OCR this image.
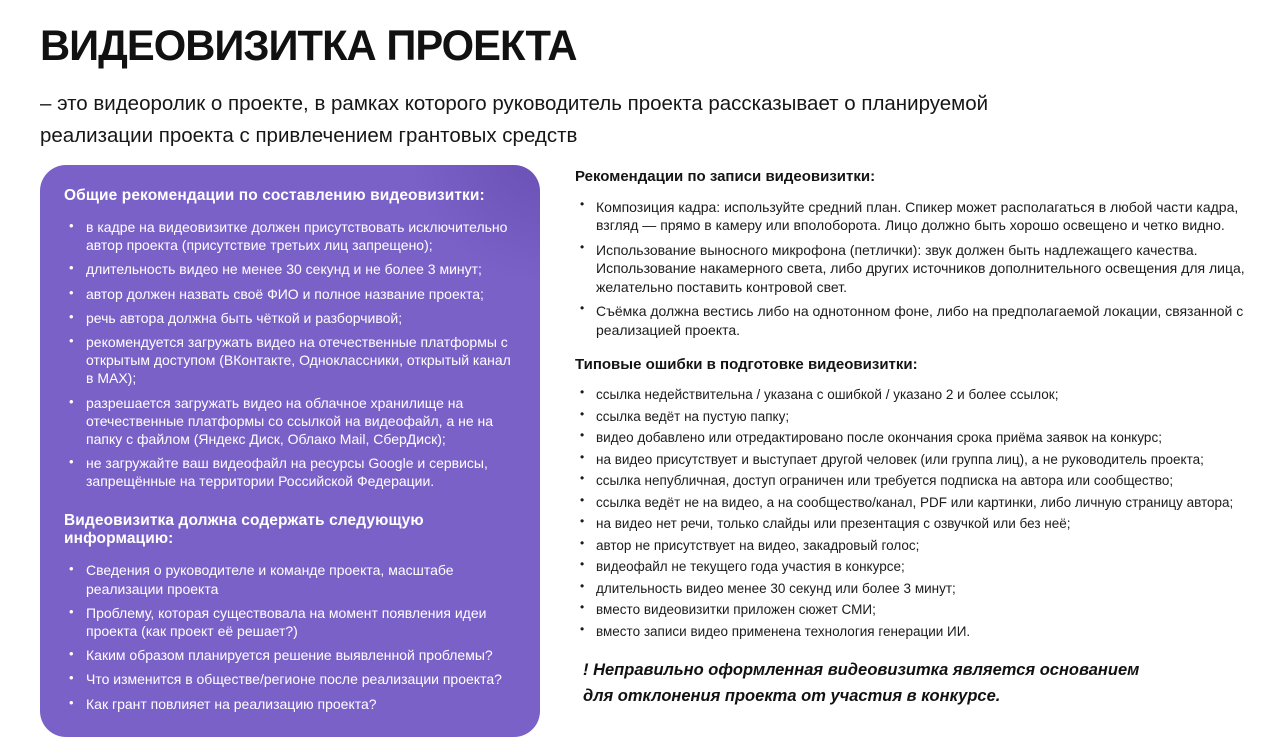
ВИДЕОВИЗИТКА ПРОЕКТА

– это видеоролик о проекте, в рамках которого руководитель проекта рассказывает о планируемой реализации проекта с привлечением грантовых средств

Общие рекомендации по составлению видеовизитки:
• в кадре на видеовизитке должен присутствовать исключительно автор проекта (присутствие третьих лиц запрещено);
• длительность видео не менее 30 секунд и не более 3 минут;
• автор должен назвать своё ФИО и полное название проекта;
• речь автора должна быть чёткой и разборчивой;
• рекомендуется загружать видео на отечественные платформы с открытым доступом (ВКонтакте, Одноклассники, открытый канал в MAX);
• разрешается загружать видео на облачное хранилище на отечественные платформы со ссылкой на видеофайл, а не на папку с файлом (Яндекс Диск, Облако Mail, СберДиск);
• не загружайте ваш видеофайл на ресурсы Google и сервисы, запрещённые на территории Российской Федерации.
Видеовизитка должна содержать следующую информацию:
• Сведения о руководителе и команде проекта, масштабе реализации проекта
• Проблему, которая существовала на момент появления идеи проекта (как проект её решает?)
• Каким образом планируется решение выявленной проблемы?
• Что изменится в обществе/регионе после реализации проекта?
• Как грант повлияет на реализацию проекта?
Рекомендации по записи видеовизитки:
• Композиция кадра: используйте средний план. Спикер может располагаться в любой части кадра, взгляд — прямо в камеру или вполоборота. Лицо должно быть хорошо освещено и четко видно.
• Использование выносного микрофона (петлички): звук должен быть надлежащего качества. Использование накамерного света, либо других источников дополнительного освещения для лица, желательно поставить контровой свет.
• Съёмка должна вестись либо на однотонном фоне, либо на предполагаемой локации, связанной с реализацией проекта.
Типовые ошибки в подготовке видеовизитки:
• ссылка недействительна / указана с ошибкой / указано 2 и более ссылок;
• ссылка ведёт на пустую папку;
• видео добавлено или отредактировано после окончания срока приёма заявок на конкурс;
• на видео присутствует и выступает другой человек (или группа лиц), а не руководитель проекта;
• ссылка непубличная, доступ ограничен или требуется подписка на автора или сообщество;
• ссылка ведёт не на видео, а на сообщество/канал, PDF или картинки, либо личную страницу автора;
• на видео нет речи, только слайды или презентация с озвучкой или без неё;
• автор не присутствует на видео, закадровый голос;
• видеофайл не текущего года участия в конкурсе;
• длительность видео менее 30 секунд или более 3 минут;
• вместо видеовизитки приложен сюжет СМИ;
• вместо записи видео применена технология генерации ИИ.

! Неправильно оформленная видеовизитка является основанием
для отклонения проекта от участия в конкурсе.
